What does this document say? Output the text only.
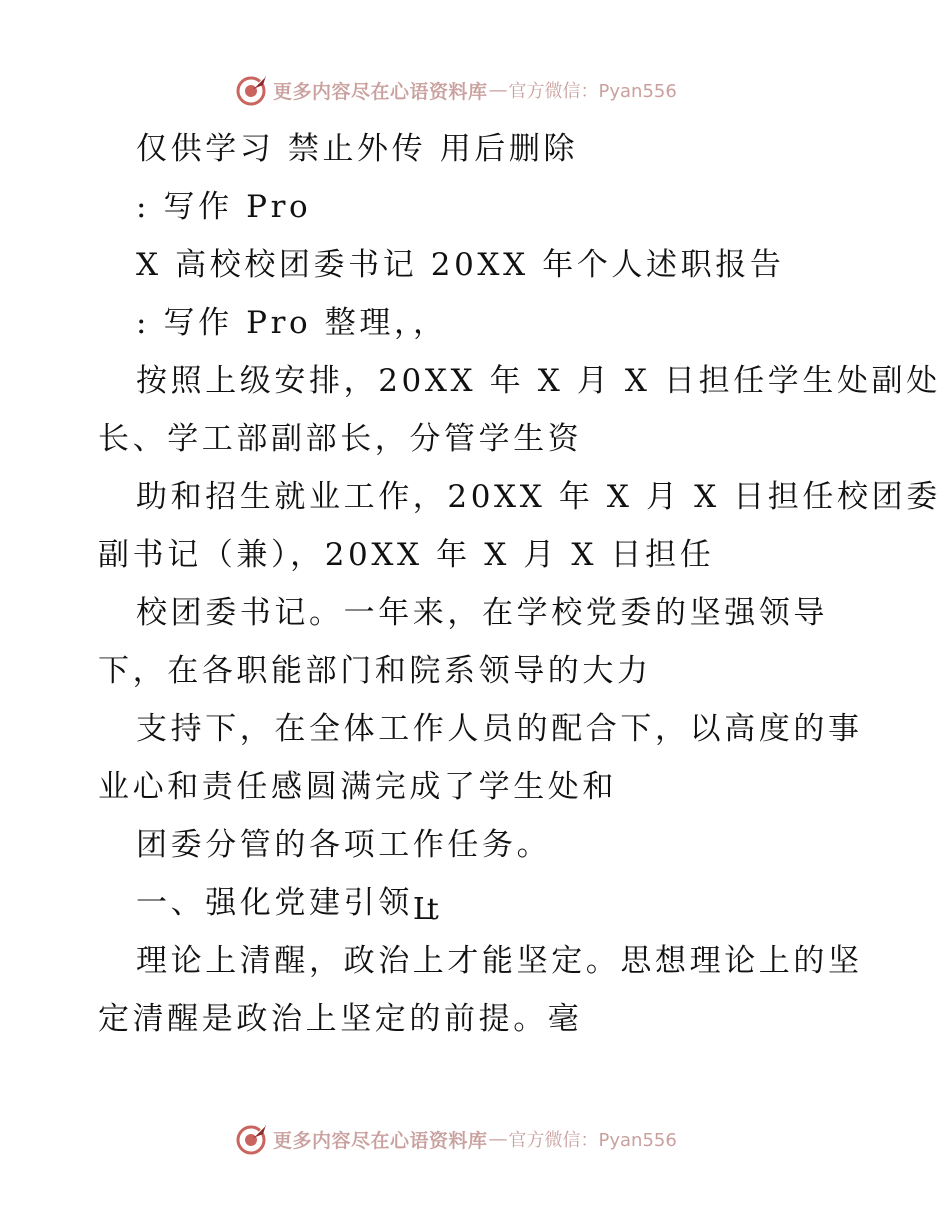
更多内容尽在心语资料库 — 官方微信：Pyan556
仅供学习 禁止外传 用后删除
: 写作 Pro
X 高校校团委书记 20XX 年个人述职报告
: 写作 Pro 整理，，
按照上级安排，20XX 年 X 月 X 日担任学生处副处
长、学工部副部长，分管学生资
助和招生就业工作，20XX 年 X 月 X 日担任校团委
副书记（兼），20XX 年 X 月 X 日担任
校团委书记。一年来，在学校党委的坚强领导
下，在各职能部门和院系领导的大力
支持下，在全体工作人员的配合下，以高度的事
业心和责任感圆满完成了学生处和
团委分管的各项工作任务。
一、强化党建引领Lt
理论上清醒，政治上才能坚定。思想理论上的坚
定清醒是政治上坚定的前提。毫
更多内容尽在心语资料库 — 官方微信：Pyan556
